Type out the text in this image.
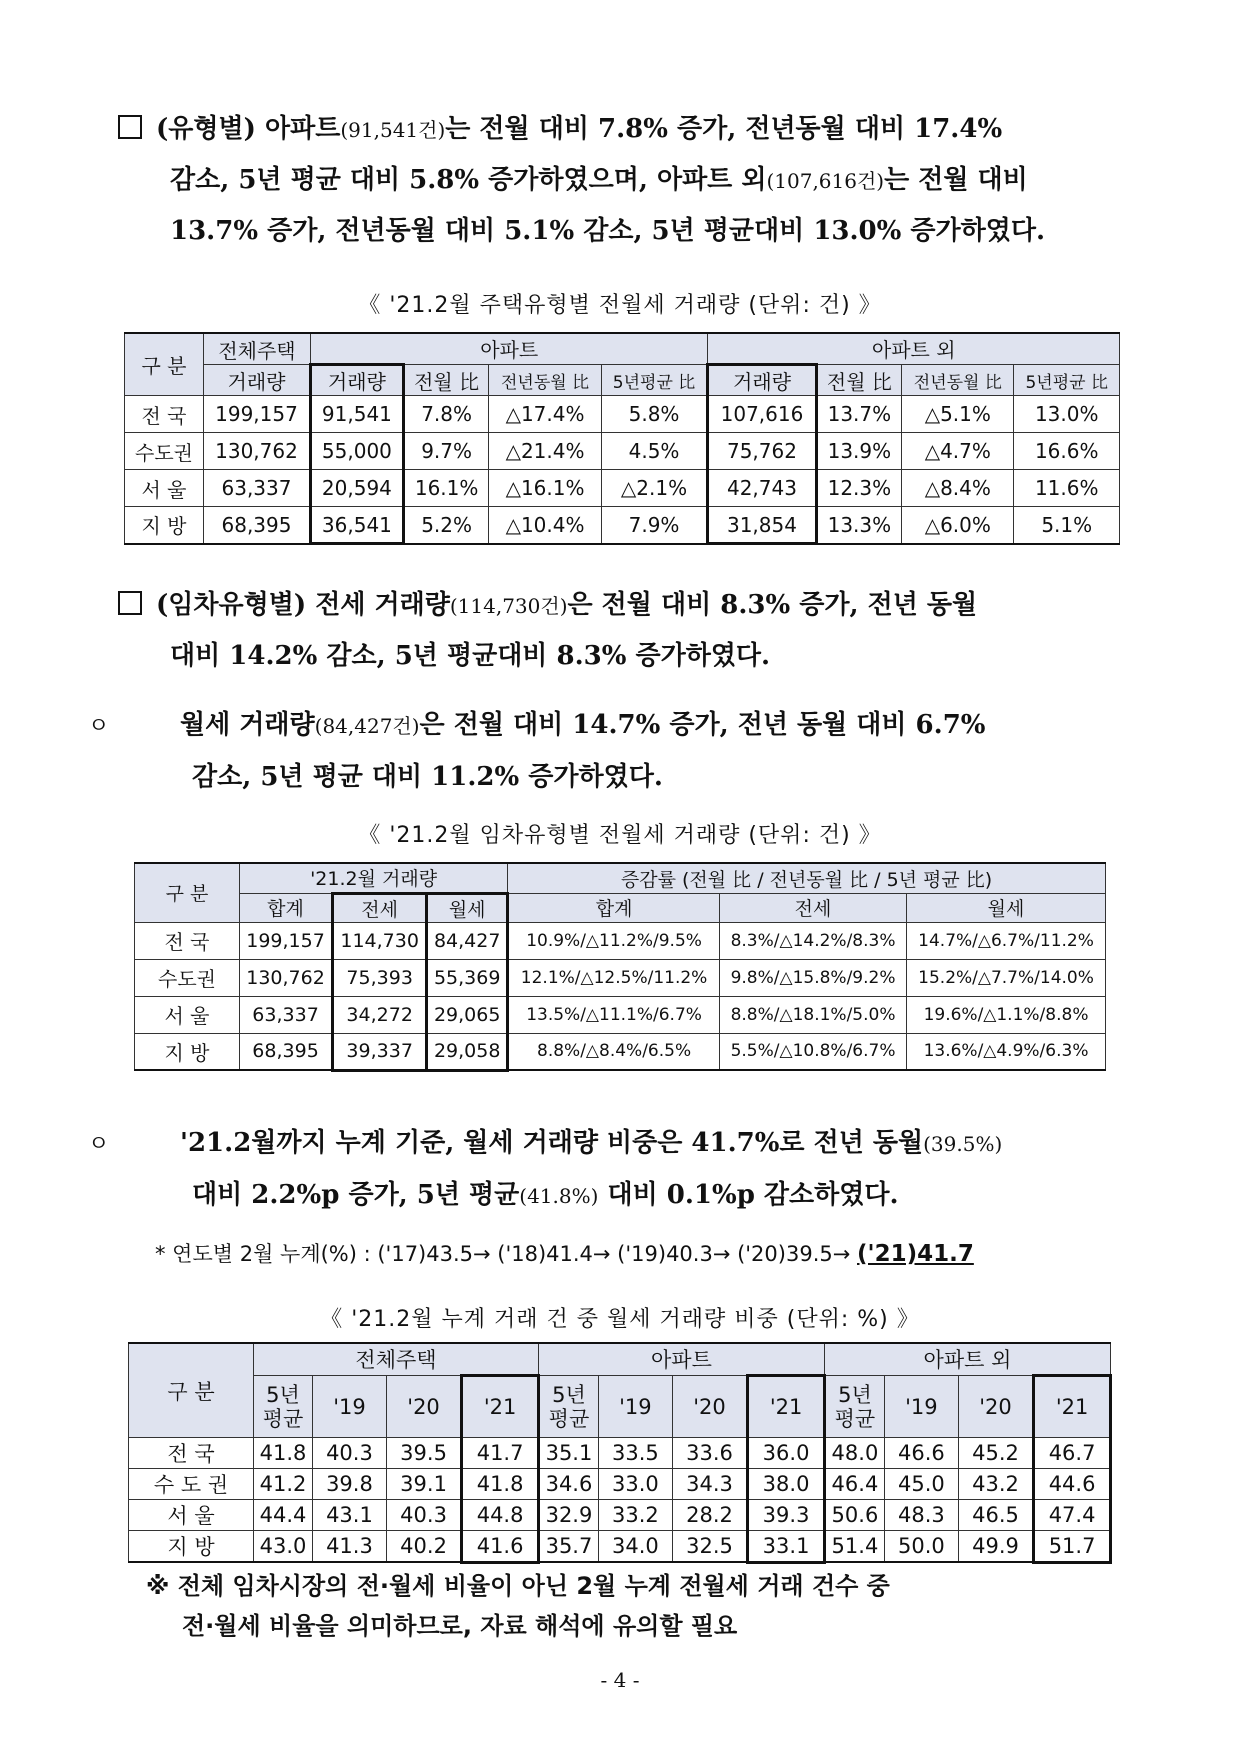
(유형별) 아파트(91,541건)는 전월 대비 7.8% 증가, 전년동월 대비 17.4%
감소, 5년 평균 대비 5.8% 증가하였으며, 아파트 외(107,616건)는 전월 대비
13.7% 증가, 전년동월 대비 5.1% 감소, 5년 평균대비 13.0% 증가하였다.
《 '21.2월 주택유형별 전월세 거래량 (단위: 건) 》
구 분	전체주택	아파트				아파트 외			
	거래량	거래량	전월 比	전년동월 比	5년평균 比	거래량	전월 比	전년동월 比	5년평균 比
전 국	199,157	91,541	7.8%	△17.4%	5.8%	107,616	13.7%	△5.1%	13.0%
수도권	130,762	55,000	9.7%	△21.4%	4.5%	75,762	13.9%	△4.7%	16.6%
서 울	63,337	20,594	16.1%	△16.1%	△2.1%	42,743	12.3%	△8.4%	11.6%
지 방	68,395	36,541	5.2%	△10.4%	7.9%	31,854	13.3%	△6.0%	5.1%
(임차유형별) 전세 거래량(114,730건)은 전월 대비 8.3% 증가, 전년 동월
대비 14.2% 감소, 5년 평균대비 8.3% 증가하였다.
ㅇ	월세 거래량(84,427건)은 전월 대비 14.7% 증가, 전년 동월 대비 6.7%
감소, 5년 평균 대비 11.2% 증가하였다.
《 '21.2월 임차유형별 전월세 거래량 (단위: 건) 》
구 분	'21.2월 거래량			증감률 (전월 比 / 전년동월 比 / 5년 평균 比)		
	합계	전세	월세	합계	전세	월세
전 국	199,157	114,730	84,427	10.9%/△11.2%/9.5%	8.3%/△14.2%/8.3%	14.7%/△6.7%/11.2%
수도권	130,762	75,393	55,369	12.1%/△12.5%/11.2%	9.8%/△15.8%/9.2%	15.2%/△7.7%/14.0%
서 울	63,337	34,272	29,065	13.5%/△11.1%/6.7%	8.8%/△18.1%/5.0%	19.6%/△1.1%/8.8%
지 방	68,395	39,337	29,058	8.8%/△8.4%/6.5%	5.5%/△10.8%/6.7%	13.6%/△4.9%/6.3%
ㅇ	'21.2월까지 누계 기준, 월세 거래량 비중은 41.7%로 전년 동월(39.5%)
대비 2.2%p 증가, 5년 평균(41.8%) 대비 0.1%p 감소하였다.
* 연도별 2월 누계(%) : ('17)43.5→ ('18)41.4→ ('19)40.3→ ('20)39.5→ ('21)41.7
《 '21.2월 누계 거래 건 중 월세 거래량 비중 (단위: %) 》
구 분	전체주택				아파트				아파트 외			
	5년 평균	'19	'20	'21	5년 평균	'19	'20	'21	5년 평균	'19	'20	'21
전 국	41.8	40.3	39.5	41.7	35.1	33.5	33.6	36.0	48.0	46.6	45.2	46.7
수 도 권	41.2	39.8	39.1	41.8	34.6	33.0	34.3	38.0	46.4	45.0	43.2	44.6
서 울	44.4	43.1	40.3	44.8	32.9	33.2	28.2	39.3	50.6	48.3	46.5	47.4
지 방	43.0	41.3	40.2	41.6	35.7	34.0	32.5	33.1	51.4	50.0	49.9	51.7
※ 전체 임차시장의 전·월세 비율이 아닌 2월 누계 전월세 거래 건수 중
전·월세 비율을 의미하므로, 자료 해석에 유의할 필요
- 4 -
